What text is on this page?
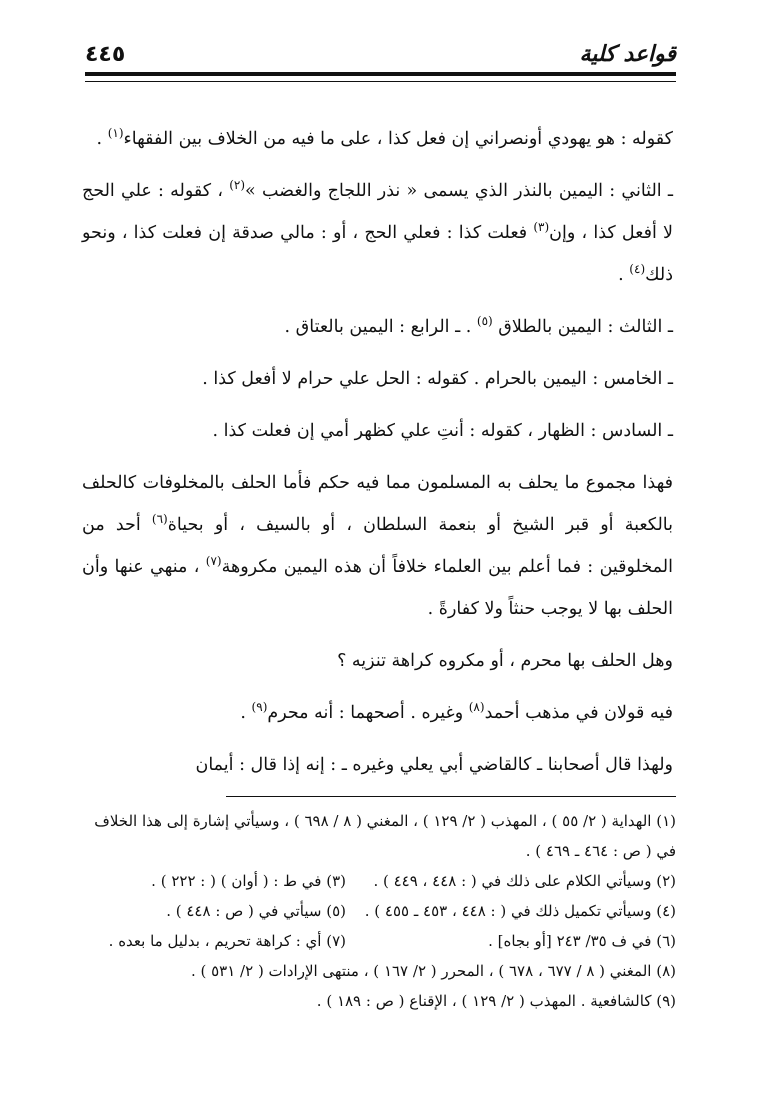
قواعد كلية
٤٤٥

كقوله : هو يهودي أونصراني إن فعل كذا ، على ما فيه من الخلاف بين الفقهاء$^{(١)}$ .

ـ الثاني : اليمين بالنذر الذي يسمى « نذر اللجاج والغضب »$^{(٢)}$ ، كقوله : علي الحج لا أفعل كذا ، وإن$^{(٣)}$ فعلت كذا : فعلي الحج ، أو : مالي صدقة إن فعلت كذا ، ونحو ذلك$^{(٤)}$ .

ـ الثالث : اليمين بالطلاق $^{(٥)}$ . ـ الرابع : اليمين بالعتاق .

ـ الخامس : اليمين بالحرام . كقوله : الحل علي حرام لا أفعل كذا .

ـ السادس : الظهار ، كقوله : أنتِ علي كظهر أمي إن فعلت كذا .

فهذا مجموع ما يحلف به المسلمون مما فيه حكم فأما الحلف بالمخلوفات كالحلف بالكعبة أو قبر الشيخ أو بنعمة السلطان ، أو بالسيف ، أو بحياة$^{(٦)}$ أحد من المخلوقين : فما أعلم بين العلماء خلافاً أن هذه اليمين مكروهة$^{(٧)}$ ، منهي عنها وأن الحلف بها لا يوجب حنثاً ولا كفارةً .

وهل الحلف بها محرم ، أو مكروه كراهة تنزيه ؟

فيه قولان في مذهب أحمد$^{(٨)}$ وغيره . أصحهما : أنه محرم$^{(٩)}$ .

ولهذا قال أصحابنا ـ كالقاضي أبي يعلي وغيره ـ : إنه إذا قال : أيمان

(١) الهداية ( ٢/ ٥٥ ) ، المهذب ( ٢/ ١٢٩ ) ، المغني ( ٨ / ٦٩٨ ) ، وسيأتي إشارة إلى هذا الخلاف في ( ص : ٤٦٤ ـ ٤٦٩ ) .

(٢) وسيأتي الكلام على ذلك في ( : ٤٤٨ ، ٤٤٩ ) .

(٣) في ط : ( أوان ) ( : ٢٢٢ ) .

(٤) وسيأتي تكميل ذلك في ( : ٤٤٨ ، ٤٥٣ ـ ٤٥٥ ) .

(٥) سيأتي في ( ص : ٤٤٨ ) .

(٦) في ف ٣٥/ ٢٤٣ [أو بجاه] .

(٧) أي : كراهة تحريم ، بدليل ما بعده .

(٨) المغني ( ٨ / ٦٧٧ ، ٦٧٨ ) ، المحرر ( ٢/ ١٦٧ ) ، منتهى الإرادات ( ٢/ ٥٣١ ) .

(٩) كالشافعية . المهذب ( ٢/ ١٢٩ ) ، الإقناع ( ص : ١٨٩ ) .
